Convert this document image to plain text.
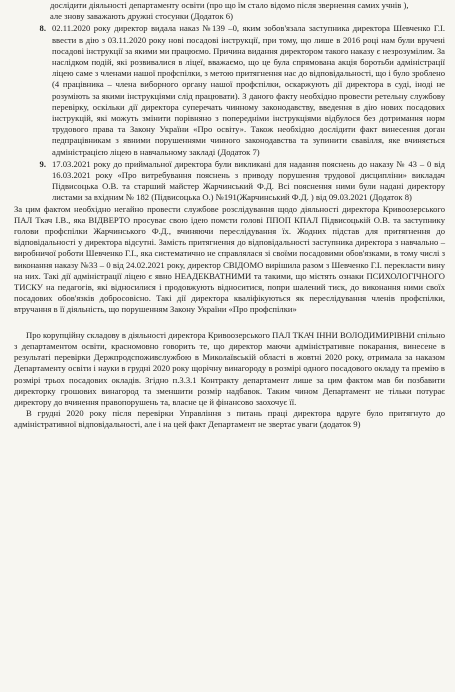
дослідити діяльності департаменту освіти (про що їм стало відомо після звернення самих учнів ),

але знову заважають дружні стосунки (Додаток 6)

8. 02.11.2020 року директор видала наказ №139 –0, яким зобов'язала заступника директора Шевченко Г.І. ввести в дію з 03.11.2020 року нові посадові інструкції, при тому, що лише в 2016 році нам були вручені посадові інструкції за якими ми працюємо. Причина видання директором такого наказу є незрозумілим. За наслідком подій, які розвивалися в ліцеї, вважаємо, що це була спрямована акція боротьби адміністрації ліцею саме з членами нашої профспілки, з метою притягнення нас до відповідальності, що і було зроблено (4 працівника – члена виборного органу нашої профспілки, оскаржують дії директора в суді, іноді не розуміють за якими інструкціями слід працювати). З даного факту необхідно провести ретельну службову перевірку, оскільки дії директора суперечать чинному законодавству, введення в дію нових посадових інструкцій, які можуть змінити порівняно з попередніми інструкціями відбулося без дотримання норм трудового права та Закону України «Про освіту». Також необхідно дослідити факт винесення доган педпрацівникам з явними порушеннями чинного законодавства та зупинити свавілля, яке вчиняється адміністрацією ліцею в навчальному закладі (Додаток 7)

9. 17.03.2021 року до приймальної директора були викликані для надання пояснень до наказу № 43 – 0 від 16.03.2021 року «Про витребування пояснень з приводу порушення трудової дисципліни» викладач Підвисоцька О.В. та старший майстер Жарчинський Ф.Д. Всі пояснення ними були надані директору листами за вхідним № 182 (Підвисоцька О.) №191(Жарчинський Ф.Д. ) від 09.03.2021 (Додаток 8)

За цим фактом необхідно негайно провести службове розслідування щодо діяльності директора Кривоозерського ПАЛ Ткач І.В., яка ВІДВЕРТО просуває свою ідею помсти голові ППОП КПАЛ Підвисоцькій О.В. та заступнику голови профспілки Жарчинського Ф.Д., вчиняючи переслідування їх. Жодних підстав для притягнення до відповідальності у директора відсутні. Замість притягнення до відповідальності заступника директора з навчально – виробничої роботи Шевченко Г.І., яка систематично не справлялася зі своїми посадовими обов'язками, в тому числі з виконання наказу №33 – 0 від 24.02.2021 року, директор СВІДОМО вирішила разом з Шевченко Г.І. перекласти вину на них. Такі дії адміністрації ліцею є явно НЕАДЕКВАТНИМИ та такими, що містять ознаки ПСИХОЛОГІЧНОГО ТИСКУ на педагогів, які відносилися і продовжують відноситися, попри шалений тиск, до виконання ними своїх посадових обов'язків добросовісно. Такі дії директора кваліфікуються як переслідування членів профспілки, втручання в її діяльність, що порушенням Закону України «Про профспілки»

Про корупційну складову в діяльності директора Кривоозерського ПАЛ ТКАЧ ІННИ ВОЛОДИМИРІВНИ спільно з департаментом освіти, красномовно говорить те, що директор маючи адміністративне покарання, винесене в результаті перевірки Держпродспоживслужбою в Миколаївській області в жовтні 2020 року, отримала за наказом Департаменту освіти і науки в грудні 2020 року щорічну винагороду в розмірі одного посадового окладу та премію в розмірі трьох посадових окладів. Згідно п.3.3.1 Контракту департамент лише за цим фактом мав би позбавити директорку грошових винагород та зменшити розмір надбавок. Таким чином Департамент не тільки потурає директору до вчинення правопорушень та, власне це й фінансово заохочує її.

В грудні 2020 року після перевірки Управління з питань праці директора вдруге було притягнуто до адміністративної відповідальності, але і на цей факт Департамент не звертає уваги (додаток 9)
